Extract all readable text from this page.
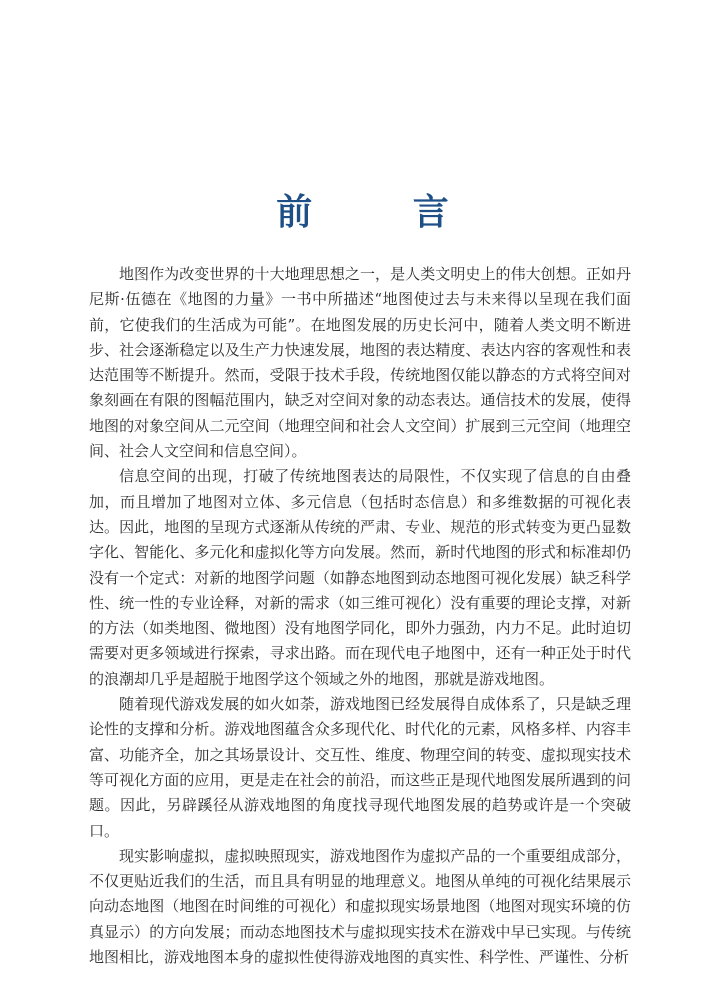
前 言

地图作为改变世界的十大地理思想之一，是人类文明史上的伟大创想。正如丹尼斯·伍德在《地图的力量》一书中所描述“地图使过去与未来得以呈现在我们面前，它使我们的生活成为可能”。在地图发展的历史长河中，随着人类文明不断进步、社会逐渐稳定以及生产力快速发展，地图的表达精度、表达内容的客观性和表达范围等不断提升。然而，受限于技术手段，传统地图仅能以静态的方式将空间对象刻画在有限的图幅范围内，缺乏对空间对象的动态表达。通信技术的发展，使得地图的对象空间从二元空间（地理空间和社会人文空间）扩展到三元空间（地理空间、社会人文空间和信息空间）。

信息空间的出现，打破了传统地图表达的局限性，不仅实现了信息的自由叠加，而且增加了地图对立体、多元信息（包括时态信息）和多维数据的可视化表达。因此，地图的呈现方式逐渐从传统的严肃、专业、规范的形式转变为更凸显数字化、智能化、多元化和虚拟化等方向发展。然而，新时代地图的形式和标准却仍没有一个定式：对新的地图学问题（如静态地图到动态地图可视化发展）缺乏科学性、统一性的专业诠释，对新的需求（如三维可视化）没有重要的理论支撑，对新的方法（如类地图、微地图）没有地图学同化，即外力强劲，内力不足。此时迫切需要对更多领域进行探索，寻求出路。而在现代电子地图中，还有一种正处于时代的浪潮却几乎是超脱于地图学这个领域之外的地图，那就是游戏地图。

随着现代游戏发展的如火如荼，游戏地图已经发展得自成体系了，只是缺乏理论性的支撑和分析。游戏地图蕴含众多现代化、时代化的元素，风格多样、内容丰富、功能齐全，加之其场景设计、交互性、维度、物理空间的转变、虚拟现实技术等可视化方面的应用，更是走在社会的前沿，而这些正是现代地图发展所遇到的问题。因此，另辟蹊径从游戏地图的角度找寻现代地图发展的趋势或许是一个突破口。

现实影响虚拟，虚拟映照现实，游戏地图作为虚拟产品的一个重要组成部分，不仅更贴近我们的生活，而且具有明显的地理意义。地图从单纯的可视化结果展示向动态地图（地图在时间维的可视化）和虚拟现实场景地图（地图对现实环境的仿真显示）的方向发展；而动态地图技术与虚拟现实技术在游戏中早已实现。与传统地图相比，游戏地图本身的虚拟性使得游戏地图的真实性、科学性、严谨性、分析
